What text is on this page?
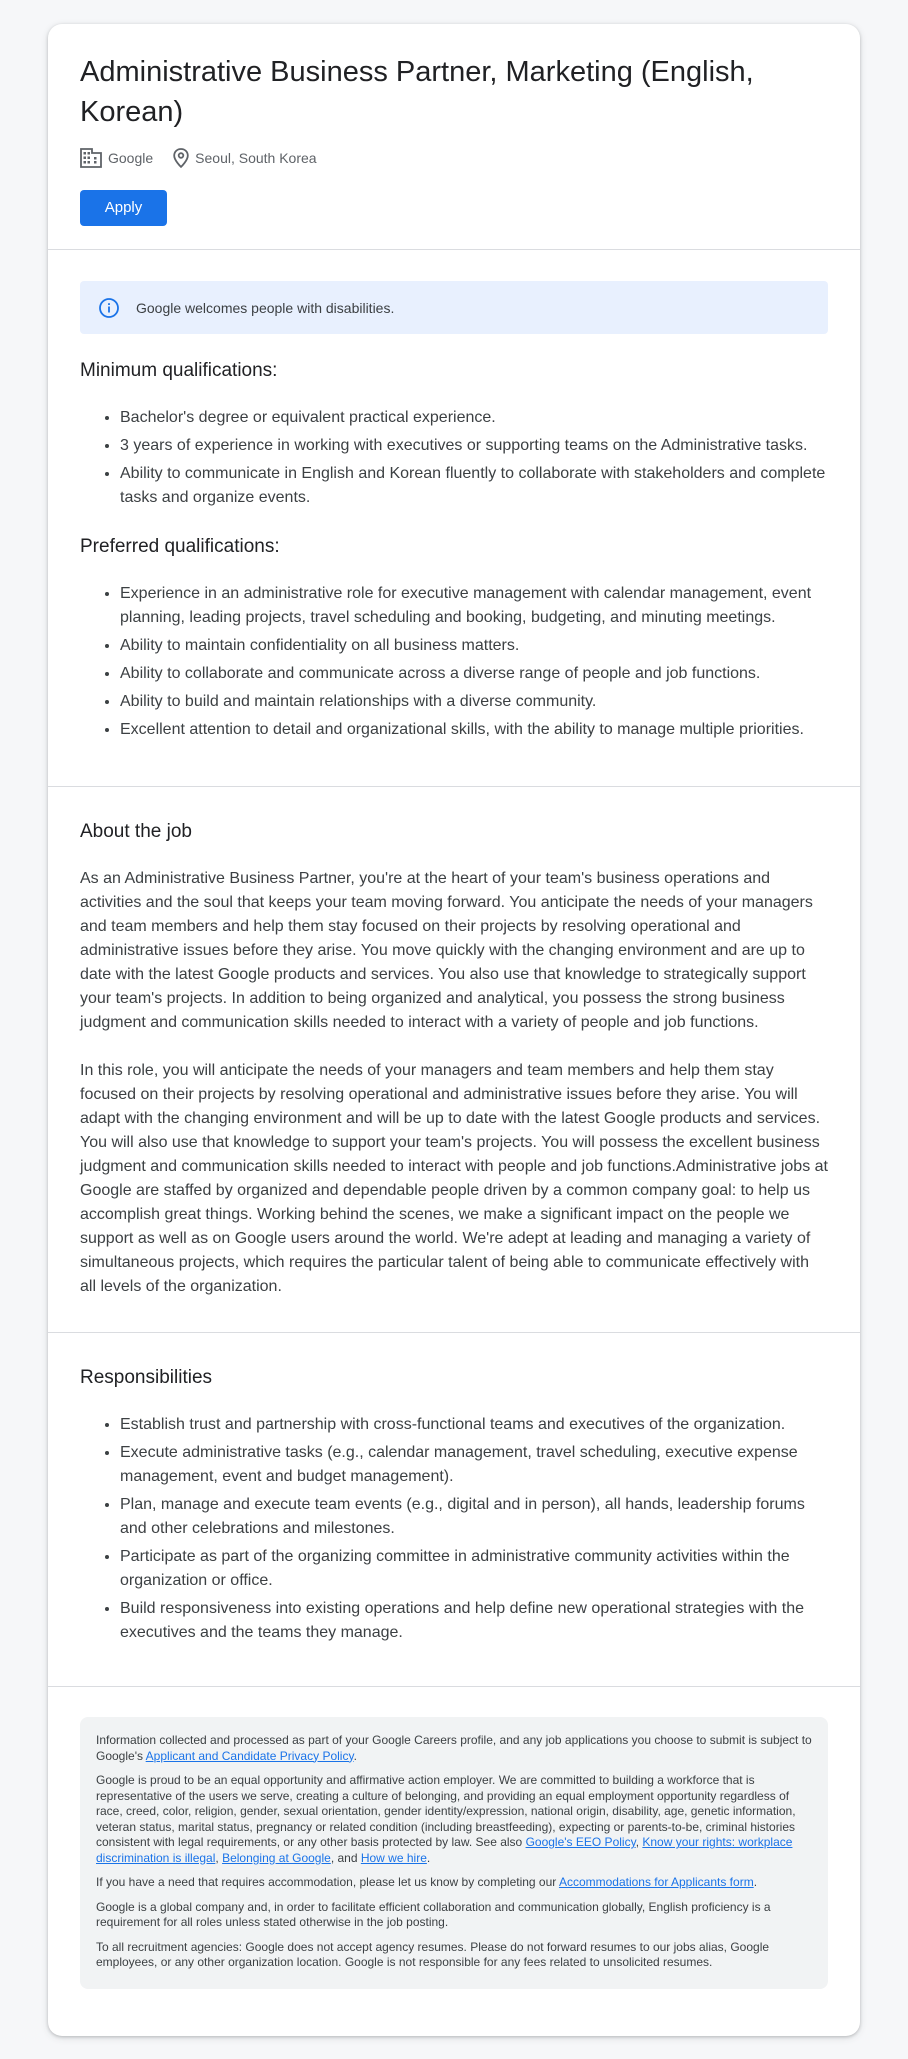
Administrative Business Partner, Marketing (English, Korean)
Google	Seoul, South Korea
Apply
Google welcomes people with disabilities.
Minimum qualifications:
• Bachelor's degree or equivalent practical experience.
• 3 years of experience in working with executives or supporting teams on the Administrative tasks.
• Ability to communicate in English and Korean fluently to collaborate with stakeholders and complete tasks and organize events.
Preferred qualifications:
• Experience in an administrative role for executive management with calendar management, event planning, leading projects, travel scheduling and booking, budgeting, and minuting meetings.
• Ability to maintain confidentiality on all business matters.
• Ability to collaborate and communicate across a diverse range of people and job functions.
• Ability to build and maintain relationships with a diverse community.
• Excellent attention to detail and organizational skills, with the ability to manage multiple priorities.
About the job

As an Administrative Business Partner, you're at the heart of your team's business operations and activities and the soul that keeps your team moving forward. You anticipate the needs of your managers and team members and help them stay focused on their projects by resolving operational and administrative issues before they arise. You move quickly with the changing environment and are up to date with the latest Google products and services. You also use that knowledge to strategically support your team's projects. In addition to being organized and analytical, you possess the strong business judgment and communication skills needed to interact with a variety of people and job functions.

In this role, you will anticipate the needs of your managers and team members and help them stay focused on their projects by resolving operational and administrative issues before they arise. You will adapt with the changing environment and will be up to date with the latest Google products and services. You will also use that knowledge to support your team's projects. You will possess the excellent business judgment and communication skills needed to interact with people and job functions.Administrative jobs at Google are staffed by organized and dependable people driven by a common company goal: to help us accomplish great things. Working behind the scenes, we make a significant impact on the people we support as well as on Google users around the world. We're adept at leading and managing a variety of simultaneous projects, which requires the particular talent of being able to communicate effectively with all levels of the organization.

Responsibilities
• Establish trust and partnership with cross-functional teams and executives of the organization.
• Execute administrative tasks (e.g., calendar management, travel scheduling, executive expense management, event and budget management).
• Plan, manage and execute team events (e.g., digital and in person), all hands, leadership forums and other celebrations and milestones.
• Participate as part of the organizing committee in administrative community activities within the organization or office.
• Build responsiveness into existing operations and help define new operational strategies with the executives and the teams they manage.

Information collected and processed as part of your Google Careers profile, and any job applications you choose to submit is subject to Google's Applicant and Candidate Privacy Policy.

Google is proud to be an equal opportunity and affirmative action employer. We are committed to building a workforce that is representative of the users we serve, creating a culture of belonging, and providing an equal employment opportunity regardless of race, creed, color, religion, gender, sexual orientation, gender identity/expression, national origin, disability, age, genetic information, veteran status, marital status, pregnancy or related condition (including breastfeeding), expecting or parents-to-be, criminal histories consistent with legal requirements, or any other basis protected by law. See also Google's EEO Policy, Know your rights: workplace discrimination is illegal, Belonging at Google, and How we hire.

If you have a need that requires accommodation, please let us know by completing our Accommodations for Applicants form.

Google is a global company and, in order to facilitate efficient collaboration and communication globally, English proficiency is a requirement for all roles unless stated otherwise in the job posting.

To all recruitment agencies: Google does not accept agency resumes. Please do not forward resumes to our jobs alias, Google employees, or any other organization location. Google is not responsible for any fees related to unsolicited resumes.
